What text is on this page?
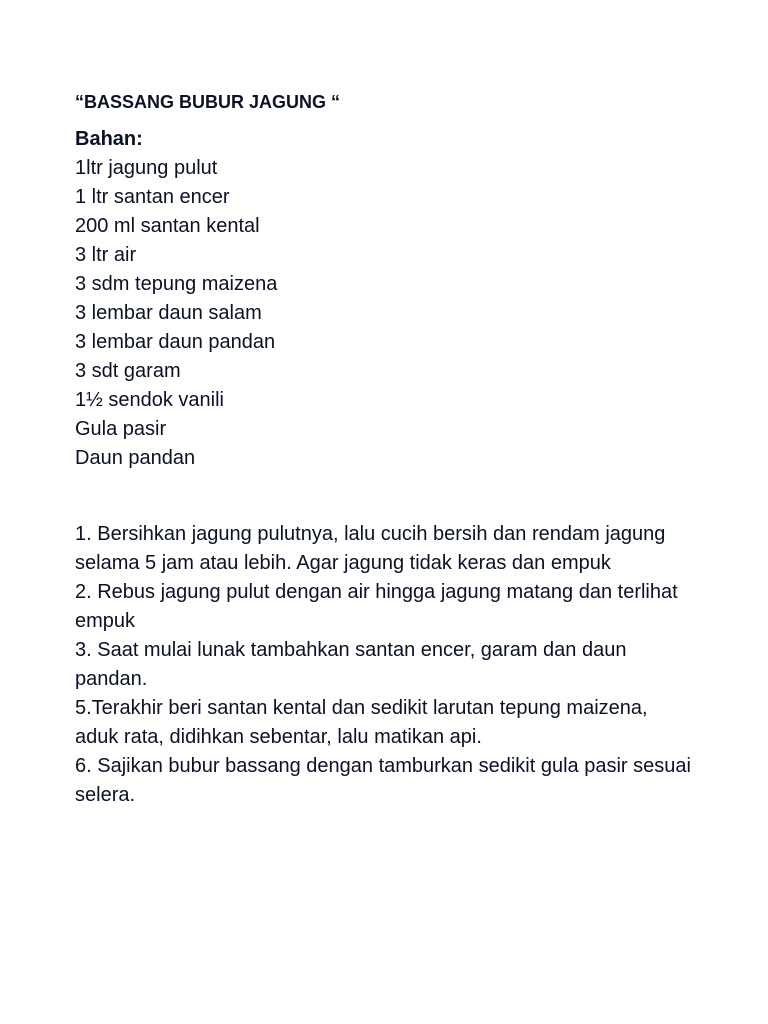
“BASSANG BUBUR JAGUNG “
Bahan:
1ltr jagung pulut
1 ltr santan encer
200 ml santan kental
3 ltr air
3 sdm tepung maizena
3 lembar daun salam
3 lembar daun pandan
3 sdt garam
1½ sendok vanili
Gula pasir
Daun pandan
1. Bersihkan jagung pulutnya, lalu cucih bersih dan rendam jagung selama 5 jam atau lebih. Agar jagung tidak keras dan empuk
2. Rebus jagung pulut dengan air hingga jagung matang dan terlihat empuk
3. Saat mulai lunak tambahkan santan encer, garam dan daun pandan.
5.Terakhir beri santan kental dan sedikit larutan tepung maizena, aduk rata, didihkan sebentar, lalu matikan api.
6. Sajikan bubur bassang dengan tamburkan sedikit gula pasir sesuai selera.
